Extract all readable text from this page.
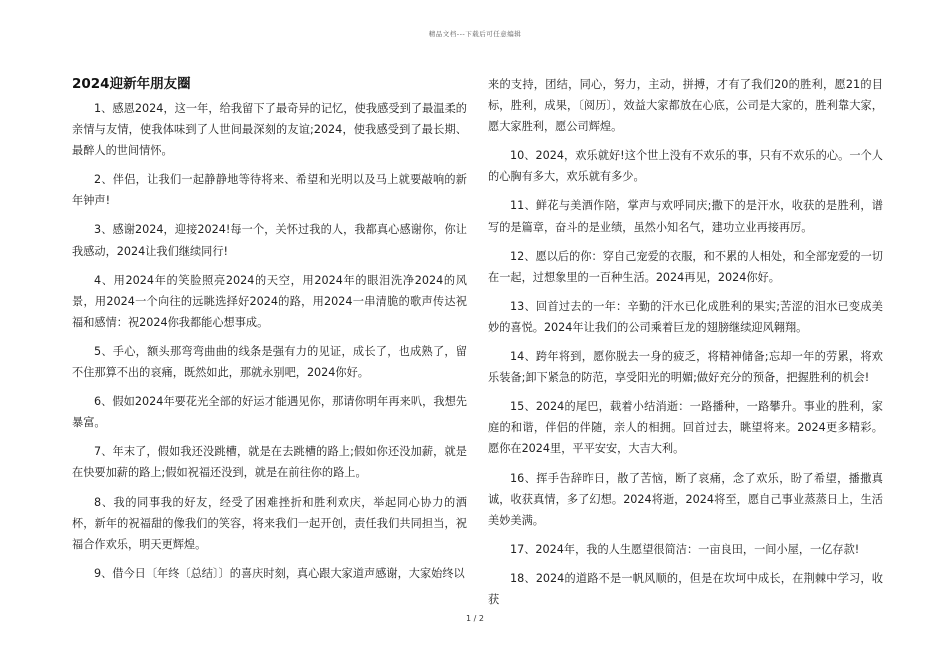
精品文档---下载后可任意编辑
2024迎新年朋友圈
1、感恩2024，这一年，给我留下了最奇异的记忆，使我感受到了最温柔的亲情与友情，使我体味到了人世间最深刻的友谊;2024，使我感受到了最长期、最醉人的世间情怀。
2、伴侣，让我们一起静静地等待将来、希望和光明以及马上就要敲响的新年钟声!
3、感谢2024，迎接2024!每一个，关怀过我的人，我都真心感谢你，你让我感动，2024让我们继续同行!
4、用2024年的笑脸照亮2024的天空，用2024年的眼泪洗净2024的风景，用2024一个向往的远眺选择好2024的路，用2024一串清脆的歌声传达祝福和感情：祝2024你我都能心想事成。
5、手心，额头那弯弯曲曲的线条是强有力的见证，成长了，也成熟了，留不住那算不出的哀痛，既然如此，那就永别吧，2024你好。
6、假如2024年要花光全部的好运才能遇见你，那请你明年再来叭，我想先暴富。
7、年末了，假如我还没跳槽，就是在去跳槽的路上;假如你还没加薪，就是在快要加薪的路上;假如祝福还没到，就是在前往你的路上。
8、我的同事我的好友，经受了困难挫折和胜利欢庆，举起同心协力的酒杯，新年的祝福甜的像我们的笑容，将来我们一起开创，责任我们共同担当，祝福合作欢乐，明天更辉煌。
9、借今日〔年终〔总结〕〕的喜庆时刻，真心跟大家道声感谢，大家始终以
来的支持，团结，同心，努力，主动，拼搏，才有了我们20的胜利，愿21的目标，胜利，成果，〔阅历〕，效益大家都放在心底，公司是大家的，胜利靠大家，愿大家胜利，愿公司辉煌。
10、2024，欢乐就好!这个世上没有不欢乐的事，只有不欢乐的心。一个人的心胸有多大，欢乐就有多少。
11、鲜花与美酒作陪，掌声与欢呼同庆;撒下的是汗水，收获的是胜利，谱写的是篇章，奋斗的是业绩，虽然小知名气，建功立业再接再厉。
12、愿以后的你：穿自己宠爱的衣服，和不累的人相处，和全部宠爱的一切在一起，过想象里的一百种生活。2024再见，2024你好。
13、回首过去的一年：辛勤的汗水已化成胜利的果实;苦涩的泪水已变成美妙的喜悦。2024年让我们的公司乘着巨龙的翅膀继续迎风翱翔。
14、跨年将到，愿你脱去一身的疲乏，将精神储备;忘却一年的劳累，将欢乐装备;卸下紧急的防范，享受阳光的明媚;做好充分的预备，把握胜利的机会!
15、2024的尾巴，载着小结消逝：一路播种，一路攀升。事业的胜利，家庭的和谐，伴侣的伴随，亲人的相拥。回首过去，眺望将来。2024更多精彩。愿你在2024里，平平安安，大吉大利。
16、挥手告辞昨日，散了苦恼，断了哀痛，念了欢乐，盼了希望，播撒真诚，收获真情，多了幻想。2024将逝，2024将至，愿自己事业蒸蒸日上，生活美妙美满。
17、2024年，我的人生愿望很简洁：一亩良田，一间小屋，一亿存款!
18、2024的道路不是一帆风顺的，但是在坎坷中成长，在荆棘中学习，收获
1 / 2
